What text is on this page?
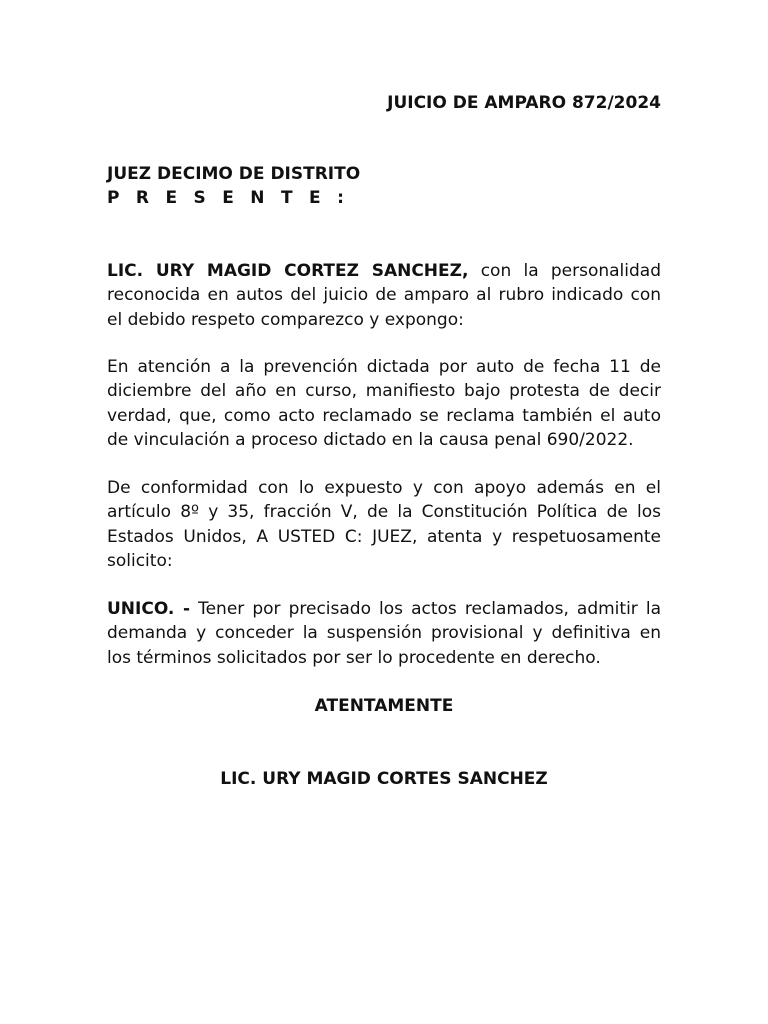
JUICIO DE AMPARO 872/2024
JUEZ DECIMO DE DISTRITO
P R E S E N T E :

LIC. URY MAGID CORTEZ SANCHEZ, con la personalidad reconocida en autos del juicio de amparo al rubro indicado con el debido respeto comparezco y expongo:

En atención a la prevención dictada por auto de fecha 11 de diciembre del año en curso, manifiesto bajo protesta de decir verdad, que, como acto reclamado se reclama también el auto de vinculación a proceso dictado en la causa penal 690/2022.

De conformidad con lo expuesto y con apoyo además en el artículo 8º y 35, fracción V, de la Constitución Política de los Estados Unidos, A USTED C: JUEZ, atenta y respetuosamente solicito:

UNICO. - Tener por precisado los actos reclamados, admitir la demanda y conceder la suspensión provisional y definitiva en los términos solicitados por ser lo procedente en derecho.

ATENTAMENTE
LIC. URY MAGID CORTES SANCHEZ
